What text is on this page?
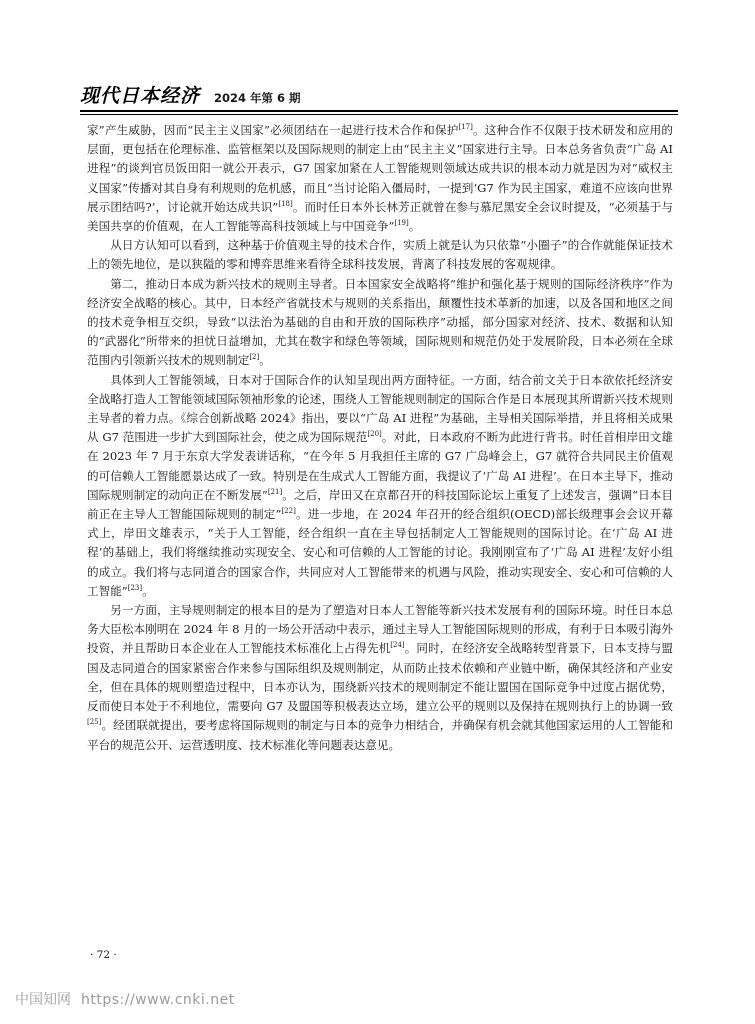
现代日本经济 2024 年第 6 期

家”产生威胁，因而“民主主义国家”必须团结在一起进行技术合作和保护[17]。这种合作不仅限于技术研发和应用的层面，更包括在伦理标准、监管框架以及国际规则的制定上由“民主主义”国家进行主导。日本总务省负责“广岛 AI 进程”的谈判官员饭田阳一就公开表示，G7 国家加紧在人工智能规则领域达成共识的根本动力就是因为对“威权主义国家”传播对其自身有利规则的危机感，而且“当讨论陷入僵局时，一提到‘G7 作为民主国家，难道不应该向世界展示团结吗?’，讨论就开始达成共识”[18]。而时任日本外长林芳正就曾在参与慕尼黑安全会议时提及，“必须基于与美国共享的价值观，在人工智能等高科技领域上与中国竞争”[19]。

从日方认知可以看到，这种基于价值观主导的技术合作，实质上就是认为只依靠“小圈子”的合作就能保证技术上的领先地位，是以狭隘的零和博弈思维来看待全球科技发展，背离了科技发展的客观规律。

第二，推动日本成为新兴技术的规则主导者。日本国家安全战略将“维护和强化基于规则的国际经济秩序”作为经济安全战略的核心。其中，日本经产省就技术与规则的关系指出，颠覆性技术革新的加速，以及各国和地区之间的技术竞争相互交织，导致“以法治为基础的自由和开放的国际秩序”动摇，部分国家对经济、技术、数据和认知的“武器化”所带来的担忧日益增加，尤其在数字和绿色等领域，国际规则和规范仍处于发展阶段，日本必须在全球范围内引领新兴技术的规则制定[2]。

具体到人工智能领域，日本对于国际合作的认知呈现出两方面特征。一方面，结合前文关于日本欲依托经济安全战略打造人工智能领域国际领袖形象的论述，围绕人工智能规则制定的国际合作是日本展现其所谓新兴技术规则主导者的着力点。《综合创新战略 2024》指出，要以“广岛 AI 进程”为基础，主导相关国际举措，并且将相关成果从 G7 范围进一步扩大到国际社会，使之成为国际规范[20]。对此，日本政府不断为此进行背书。时任首相岸田文雄在 2023 年 7 月于东京大学发表讲话称，“在今年 5 月我担任主席的 G7 广岛峰会上，G7 就符合共同民主价值观的可信赖人工智能愿景达成了一致。特别是在生成式人工智能方面，我提议了‘广岛 AI 进程’。在日本主导下，推动国际规则制定的动向正在不断发展”[21]。之后，岸田又在京都召开的科技国际论坛上重复了上述发言，强调“日本目前正在主导人工智能国际规则的制定”[22]。进一步地，在 2024 年召开的经合组织(OECD)部长级理事会会议开幕式上，岸田文雄表示，“关于人工智能，经合组织一直在主导包括制定人工智能规则的国际讨论。在‘广岛 AI 进程’的基础上，我们将继续推动实现安全、安心和可信赖的人工智能的讨论。我刚刚宣布了‘广岛 AI 进程’友好小组的成立。我们将与志同道合的国家合作，共同应对人工智能带来的机遇与风险，推动实现安全、安心和可信赖的人工智能”[23]。

另一方面，主导规则制定的根本目的是为了塑造对日本人工智能等新兴技术发展有利的国际环境。时任日本总务大臣松本刚明在 2024 年 8 月的一场公开活动中表示，通过主导人工智能国际规则的形成，有利于日本吸引海外投资，并且帮助日本企业在人工智能技术标准化上占得先机[24]。同时，在经济安全战略转型背景下，日本支持与盟国及志同道合的国家紧密合作来参与国际组织及规则制定，从而防止技术依赖和产业链中断，确保其经济和产业安全，但在具体的规则塑造过程中，日本亦认为，围绕新兴技术的规则制定不能让盟国在国际竞争中过度占据优势，反而使日本处于不利地位，需要向 G7 及盟国等积极表达立场，建立公平的规则以及保持在规则执行上的协调一致[25]。经团联就提出，要考虑将国际规则的制定与日本的竞争力相结合，并确保有机会就其他国家运用的人工智能和平台的规范公开、运营透明度、技术标准化等问题表达意见。

· 72 ·
中国知网 https://www.cnki.net
